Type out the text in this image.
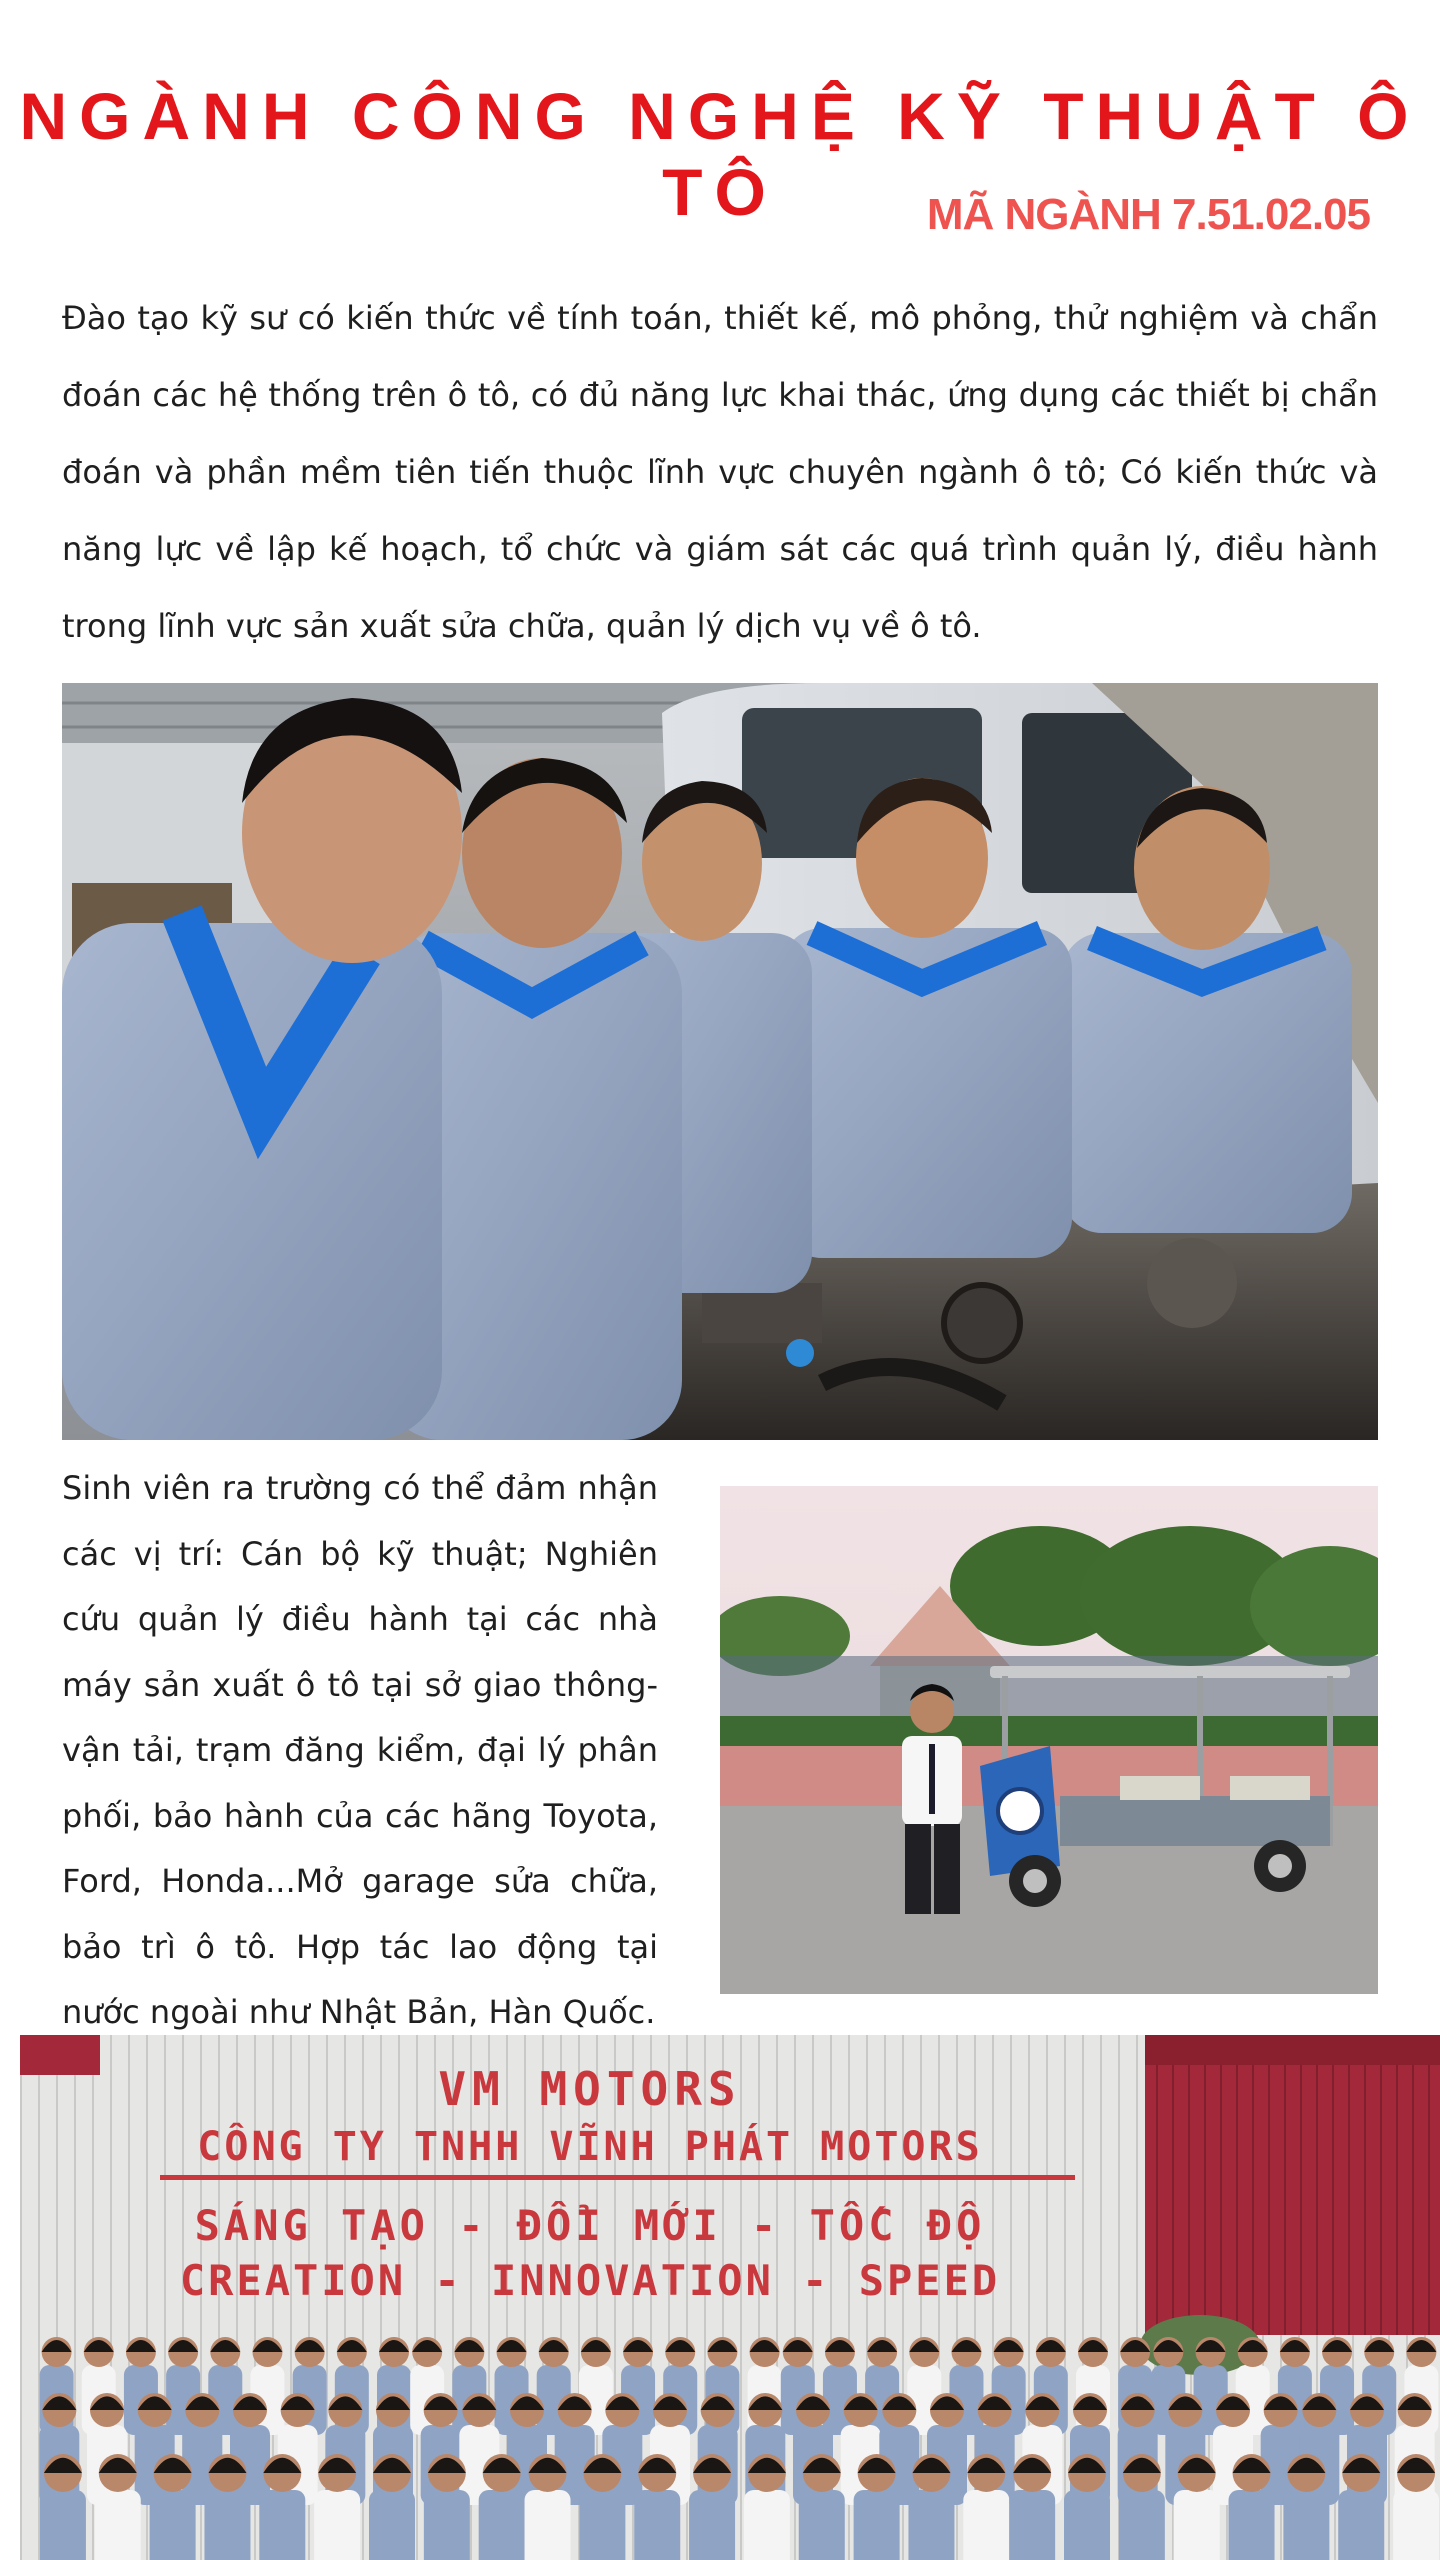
NGÀNH CÔNG NGHỆ KỸ THUẬT Ô TÔ	MÃ NGÀNH 7.51.02.05

Đào tạo kỹ sư có kiến thức về tính toán, thiết kế, mô phỏng, thử nghiệm và chẩn đoán các hệ thống trên ô tô, có đủ năng lực khai thác, ứng dụng các thiết bị chẩn đoán và phần mềm tiên tiến thuộc lĩnh vực chuyên ngành ô tô; Có kiến thức và năng lực về lập kế hoạch, tổ chức và giám sát các quá trình quản lý, điều hành trong lĩnh vực sản xuất sửa chữa, quản lý dịch vụ về ô tô.

Sinh viên ra trường có thể đảm nhận các vị trí: Cán bộ kỹ thuật; Nghiên cứu quản lý điều hành tại các nhà máy sản xuất ô tô tại sở giao thông-vận tải, trạm đăng kiểm, đại lý phân phối, bảo hành của các hãng Toyota, Ford, Honda...Mở garage sửa chữa, bảo trì ô tô. Hợp tác lao động tại nước ngoài như Nhật Bản, Hàn Quốc.

VM MOTORS
CÔNG TY TNHH VĨNH PHÁT MOTORS
SÁNG TẠO - ĐỔI MỚI - TỐC ĐỘ
CREATION - INNOVATION - SPEED
